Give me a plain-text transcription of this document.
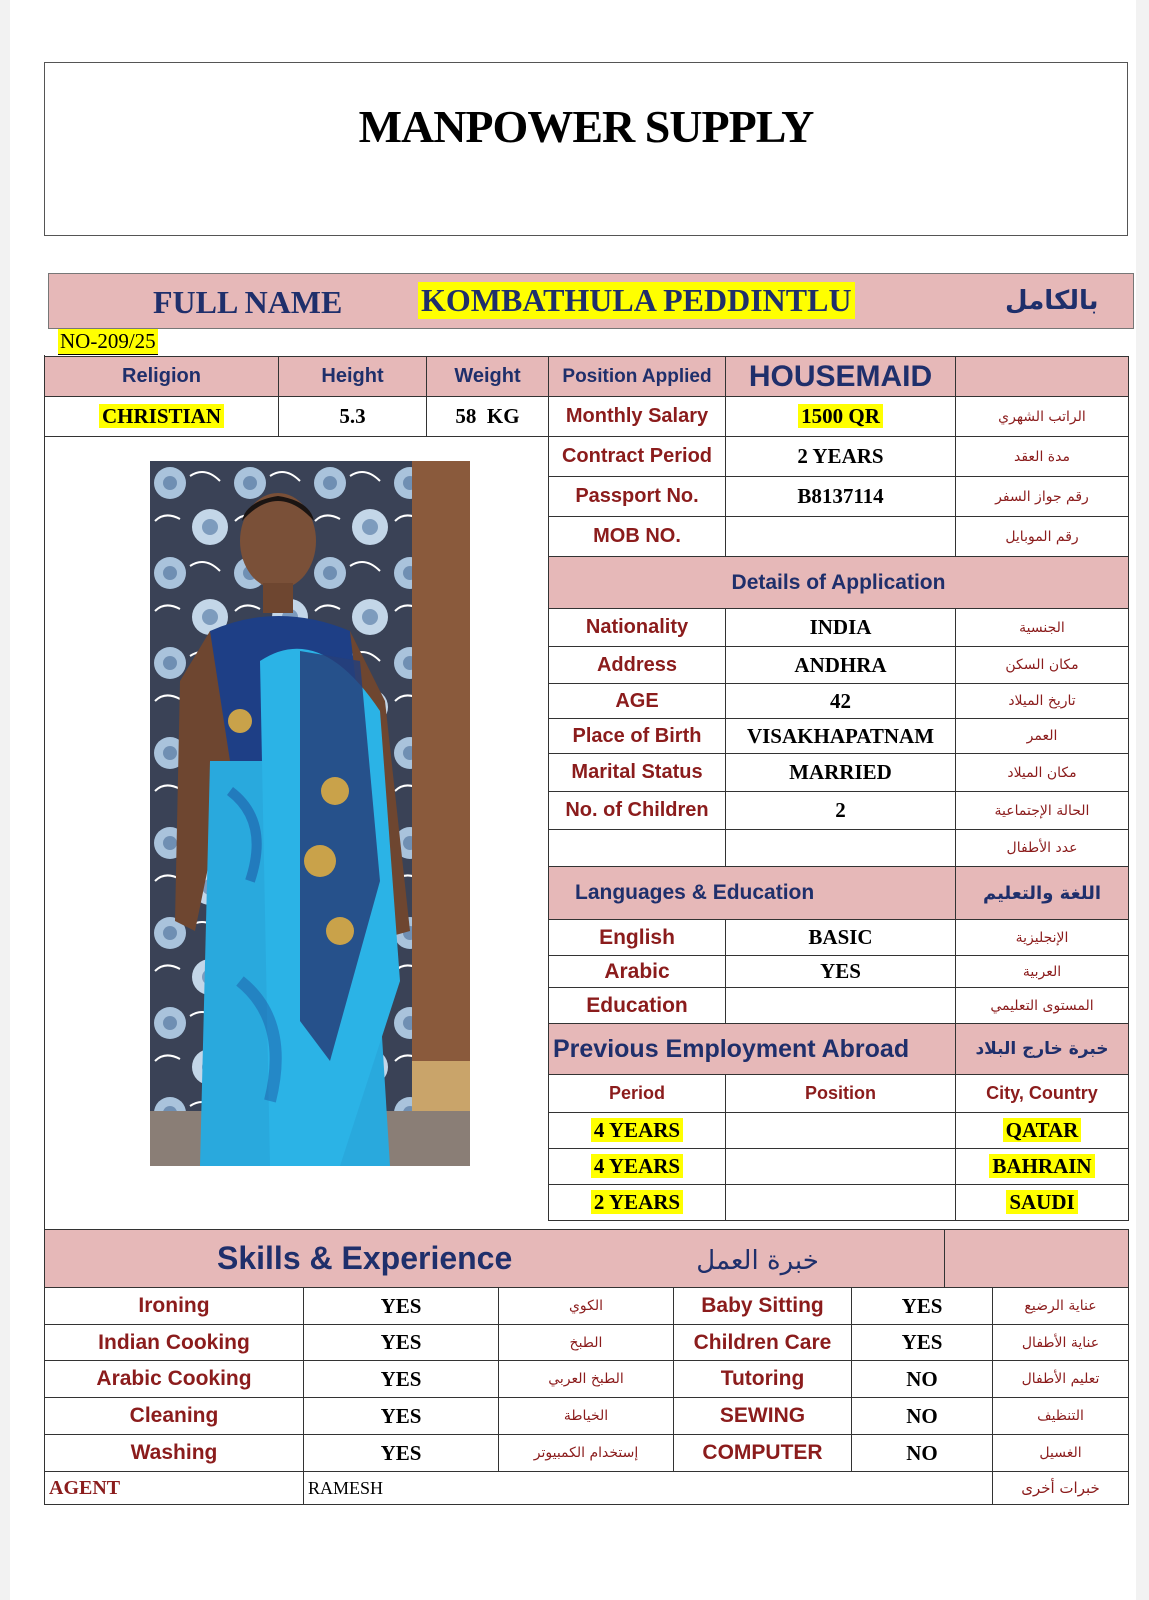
MANPOWER SUPPLY
FULL NAME KOMBATHULA PEDDINTLU	بالكامل
NO-209/25
Religion	Height	Weight	Position Applied	HOUSEMAID	
CHRISTIAN	5.3	58  KG	Monthly Salary	1500 QR	الراتب الشهري
Contract Period	2 YEARS	مدة العقد
Passport No.	B8137114	رقم جواز السفر
MOB NO.		رقم الموبايل
Details of Application		
Nationality	INDIA	الجنسية
Address	ANDHRA	مكان السكن
AGE	42	تاريخ الميلاد
Place of Birth	VISAKHAPATNAM	العمر
Marital Status	MARRIED	مكان الميلاد
No. of Children	2	الحالة الإجتماعية
		عدد الأطفال
Languages & Education		اللغة والتعليم
English	BASIC	الإنجليزية
Arabic	YES	العربية
Education		المستوى التعليمي
Previous Employment Abroad		خبرة خارج البلاد
Period	Position	City, Country
4 YEARS		QATAR
4 YEARS		BAHRAIN
2 YEARS		SAUDI
Skills & Experience	خبرة العمل	
Ironing	YES	الكوي	Baby Sitting	YES	عناية الرضيع
Indian Cooking	YES	الطبخ	Children Care	YES	عناية الأطفال
Arabic Cooking	YES	الطبخ العربي	Tutoring	NO	تعليم الأطفال
Cleaning	YES	الخياطة	SEWING	NO	التنظيف
Washing	YES	إستخدام الكمبيوتر	COMPUTER	NO	الغسيل
AGENT	RAMESH				خبرات أخرى
